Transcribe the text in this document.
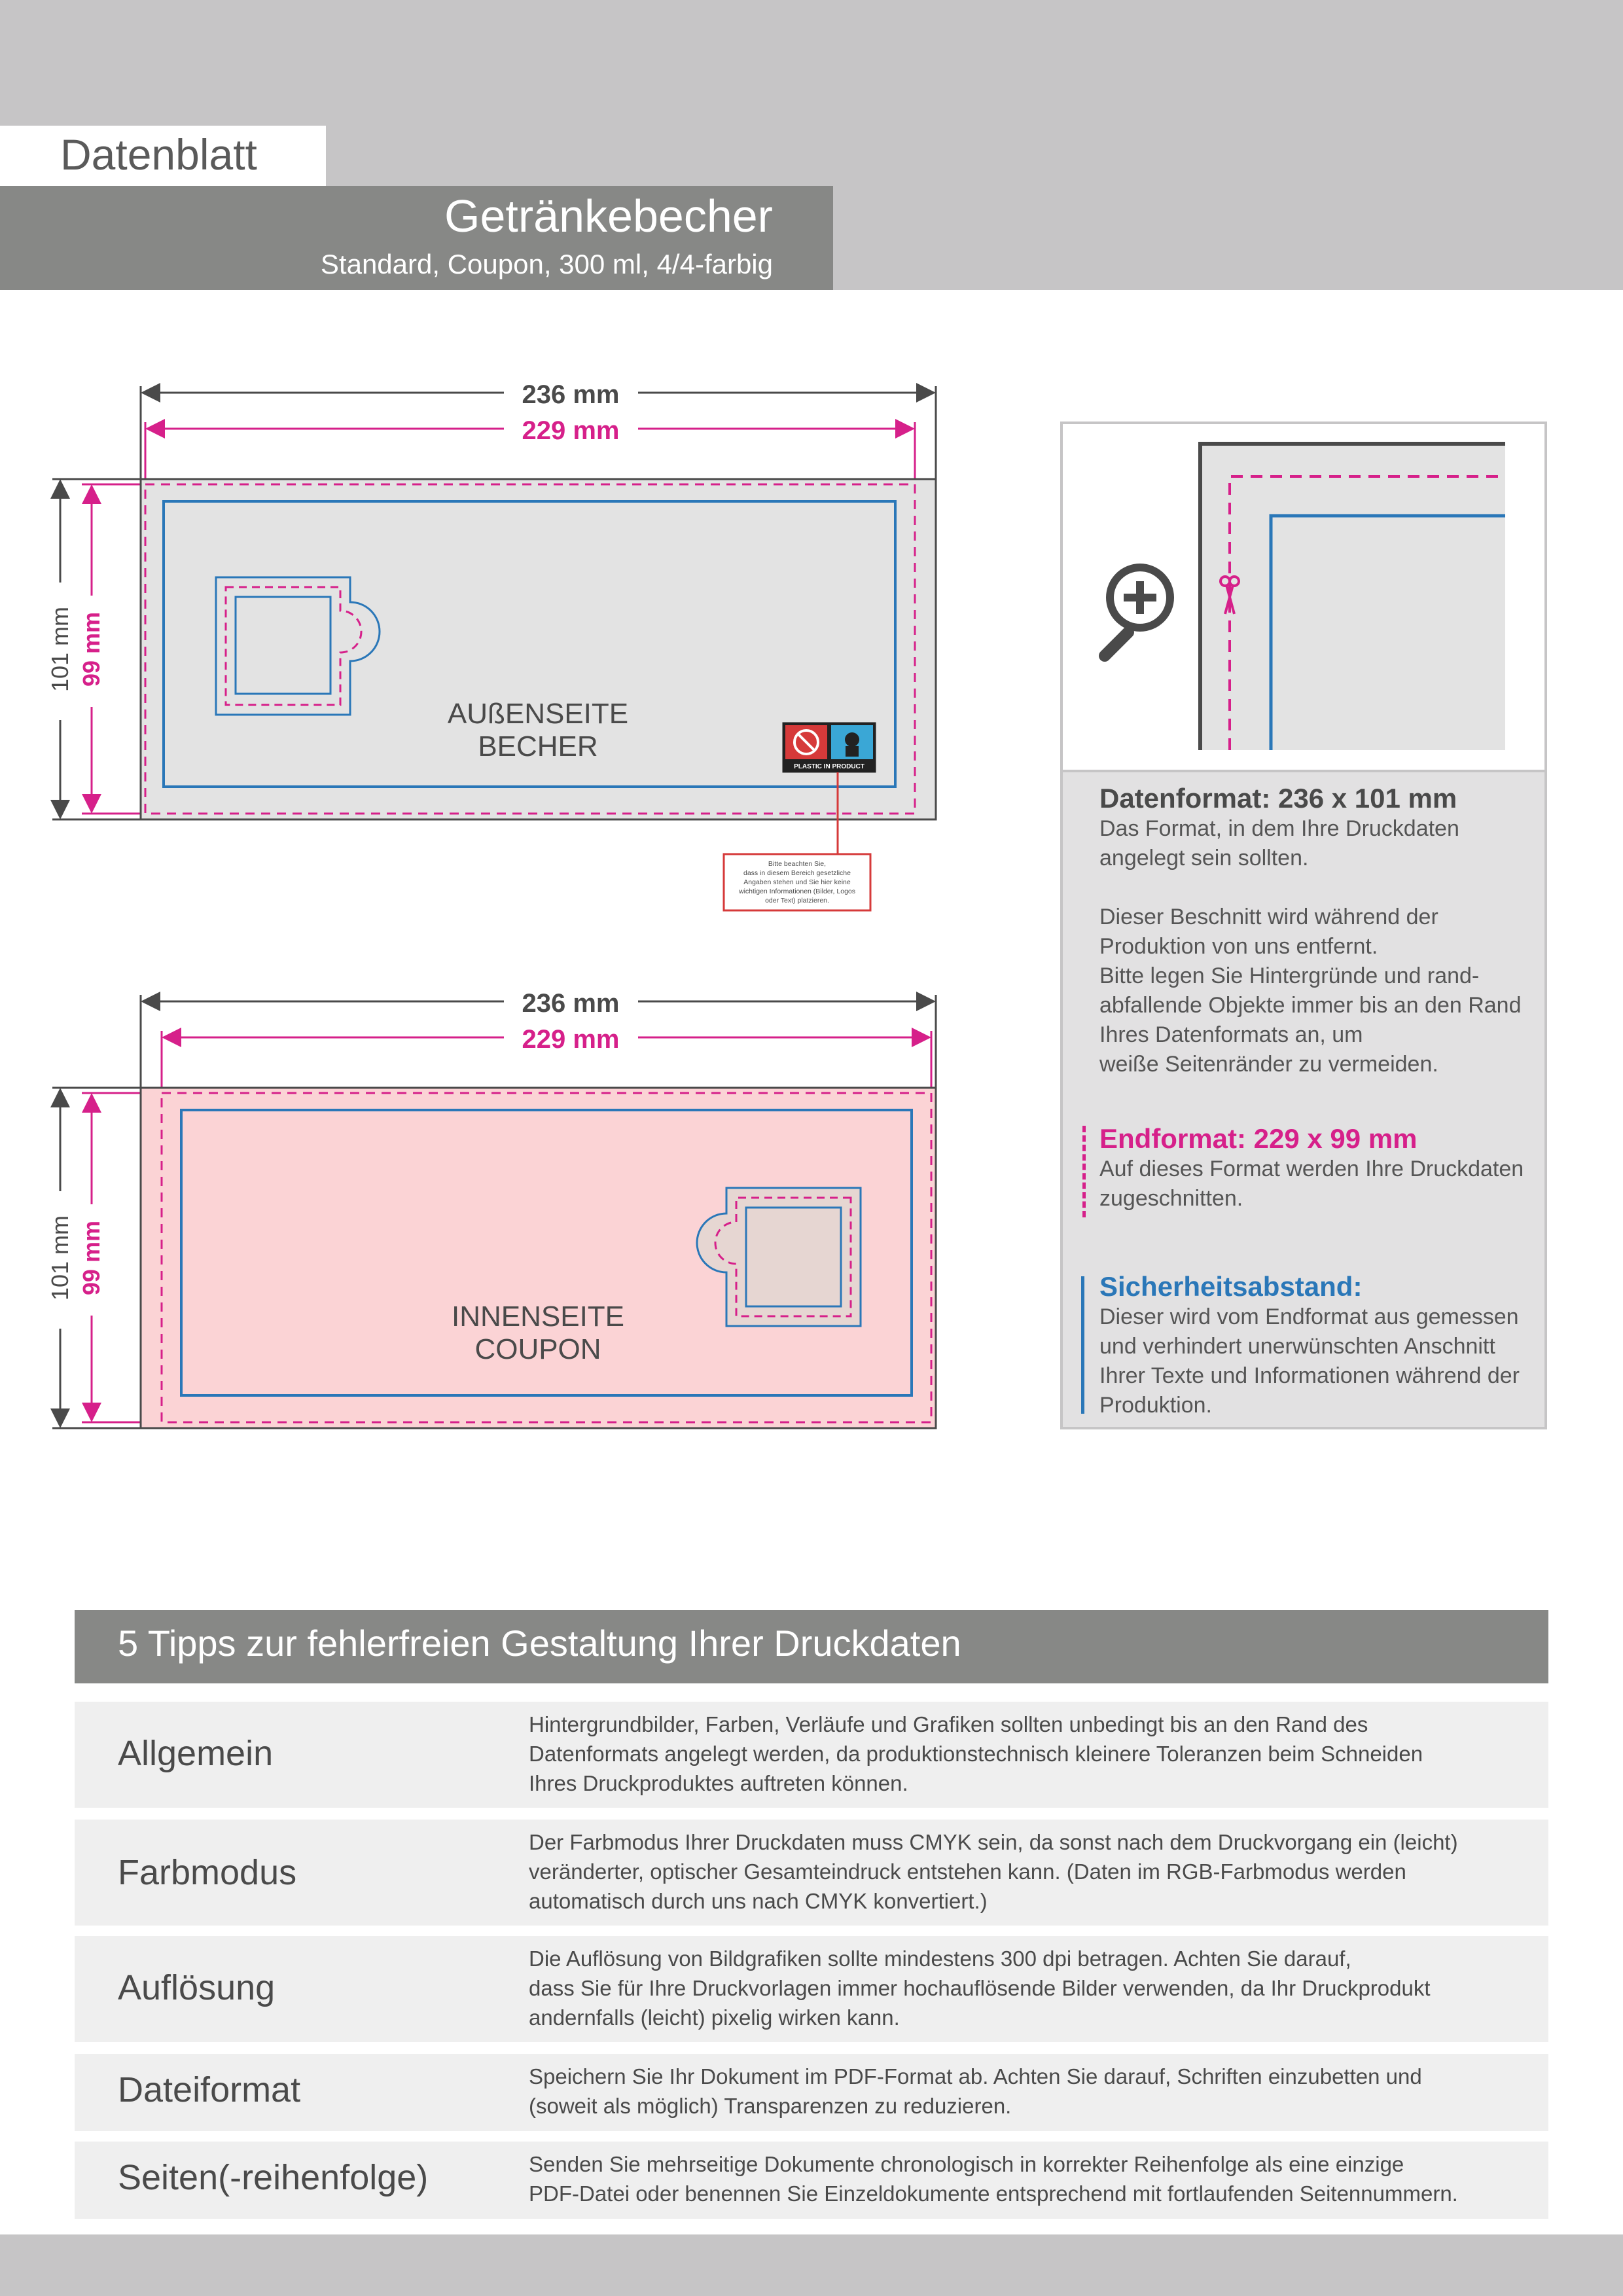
Datenblatt
Getränkebecher
Standard, Coupon, 300 ml, 4/4-farbig
236 mm
229 mm
101 mm 99 mm
AUßENSEITE
BECHER
PLASTIC IN PRODUCT
Bitte beachten Sie,
dass in diesem Bereich gesetzliche
Angaben stehen und Sie hier keine
wichtigen Informationen (Bilder, Logos
oder Text) platzieren.
236 mm
229 mm
101 mm 99 mm
INNENSEITE
COUPON
Datenformat: 236 x 101 mm
Das Format, in dem Ihre Druckdaten
angelegt sein sollten.
Dieser Beschnitt wird während der
Produktion von uns entfernt.
Bitte legen Sie Hintergründe und rand-
abfallende Objekte immer bis an den Rand
Ihres Datenformats an, um
weiße Seitenränder zu vermeiden.
Endformat: 229 x 99 mm
Auf dieses Format werden Ihre Druckdaten
zugeschnitten.
Sicherheitsabstand:
Dieser wird vom Endformat aus gemessen
und verhindert unerwünschten Anschnitt
Ihrer Texte und Informationen während der
Produktion.
5 Tipps zur fehlerfreien Gestaltung Ihrer Druckdaten
Allgemein
Hintergrundbilder, Farben, Verläufe und Grafiken sollten unbedingt bis an den Rand des
Datenformats angelegt werden, da produktionstechnisch kleinere Toleranzen beim Schneiden
Ihres Druckproduktes auftreten können.
Farbmodus
Der Farbmodus Ihrer Druckdaten muss CMYK sein, da sonst nach dem Druckvorgang ein (leicht)
veränderter, optischer Gesamteindruck entstehen kann. (Daten im RGB-Farbmodus werden
automatisch durch uns nach CMYK konvertiert.)
Auflösung
Die Auflösung von Bildgrafiken sollte mindestens 300 dpi betragen. Achten Sie darauf,
dass Sie für Ihre Druckvorlagen immer hochauflösende Bilder verwenden, da Ihr Druckprodukt
andernfalls (leicht) pixelig wirken kann.
Dateiformat	Speichern Sie Ihr Dokument im PDF-Format ab. Achten Sie darauf, Schriften einzubetten und
(soweit als möglich) Transparenzen zu reduzieren.
Seiten(-reihenfolge)	Senden Sie mehrseitige Dokumente chronologisch in korrekter Reihenfolge als eine einzige
PDF-Datei oder benennen Sie Einzeldokumente entsprechend mit fortlaufenden Seitennummern.
